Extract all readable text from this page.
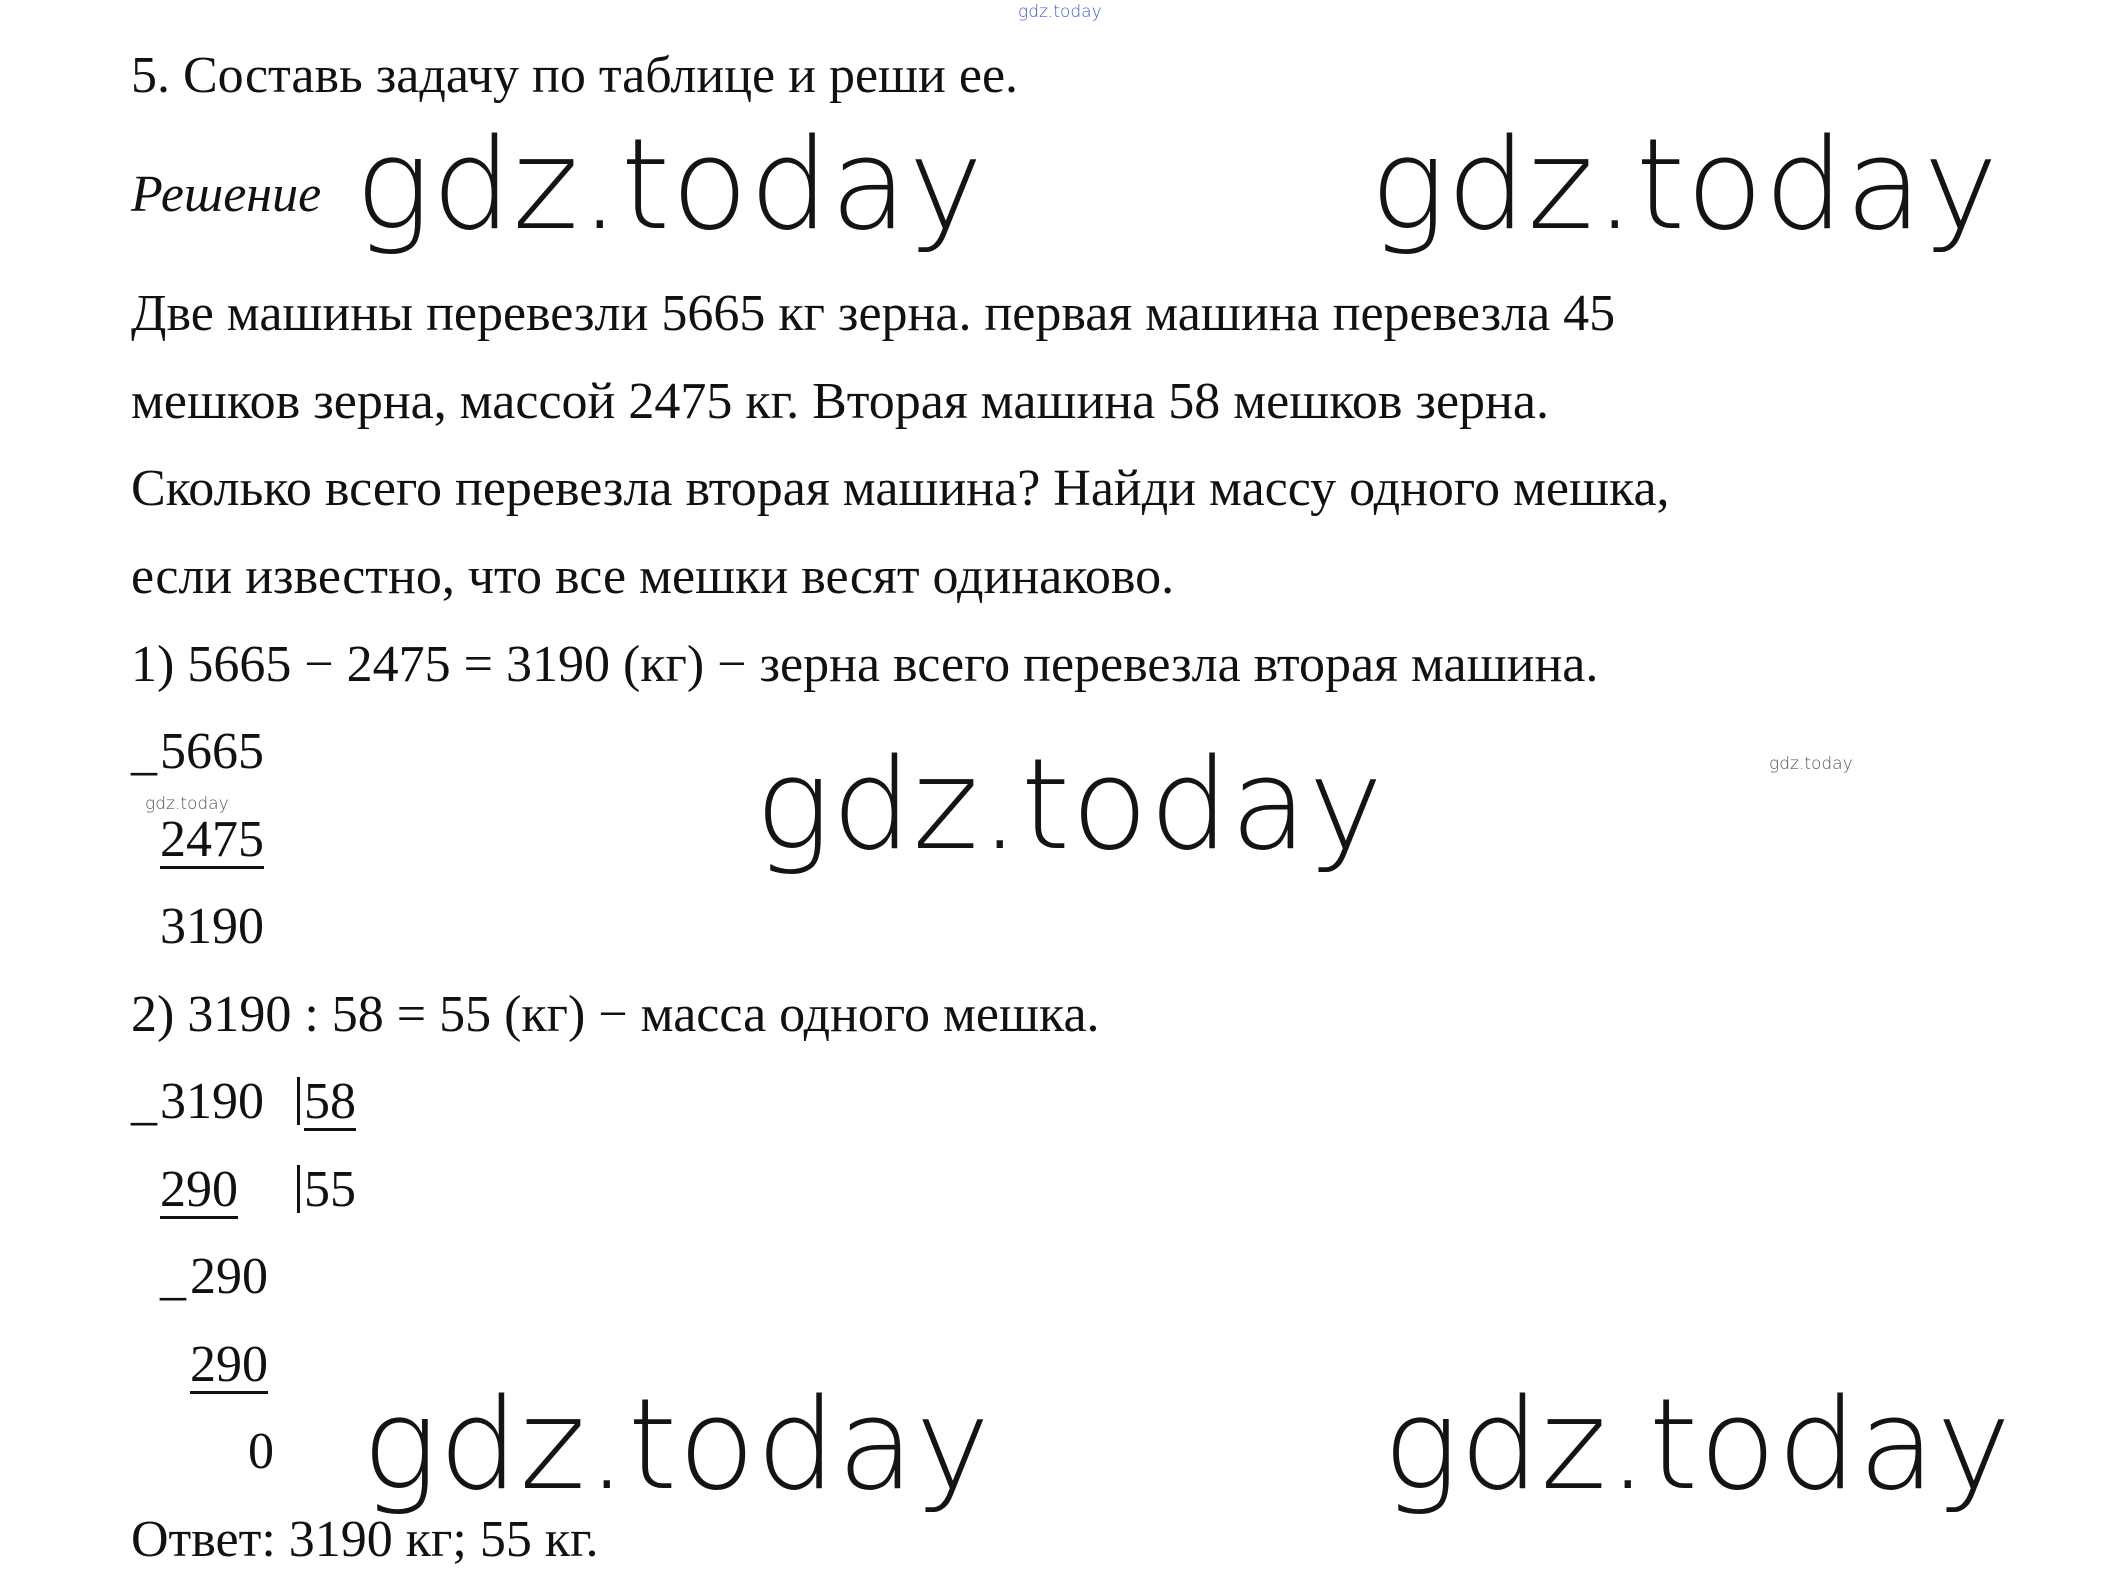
gdz.today
5. Составь задачу по таблице и реши ее.
Решение gdz.today	gdz.today
gdz.today
gdz.today	gdz.today
gdz.today
gdz.today
Две машины перевезли 5665 кг зерна. первая машина перевезла 45
мешков зерна, массой 2475 кг. Вторая машина 58 мешков зерна.
Сколько всего перевезла вторая машина? Найди массу одного мешка,
если известно, что все мешки весят одинаково.
1) 5665 − 2475 = 3190 (кг) − зерна всего перевезла вторая машина.
_ 5665
2475
3190
2) 3190 : 58 = 55 (кг) − масса одного мешка.
_ 3190 58
290 55
_ 290
290
0
Ответ: 3190 кг; 55 кг.
